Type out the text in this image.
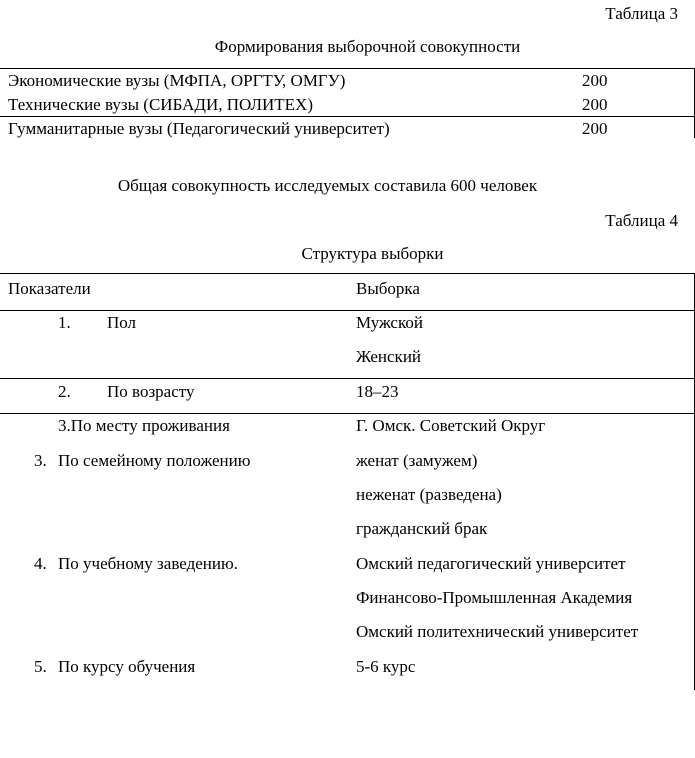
Таблица 3
Формирования выборочной совокупности
Экономические вузы (МФПА, ОРГТУ, ОМГУ)	200
Технические вузы (СИБАДИ, ПОЛИТЕХ)	200
Гумманитарные вузы (Педагогический университет)	200
Общая совокупность исследуемых составила 600 человек
Таблица 4
Структура выборки
Показатели	Выборка
1. Пол	Мужской
Женский
2. По возрасту	18–23
3.По месту проживания	Г. Омск. Советский Округ
3. По семейному положению	женат (замужем)
неженат (разведена)
гражданский брак
4. По учебному заведению.	Омский педагогический университет
Финансово-Промышленная Академия
Омский политехнический университет
5. По курсу обучения	5-6 курс
